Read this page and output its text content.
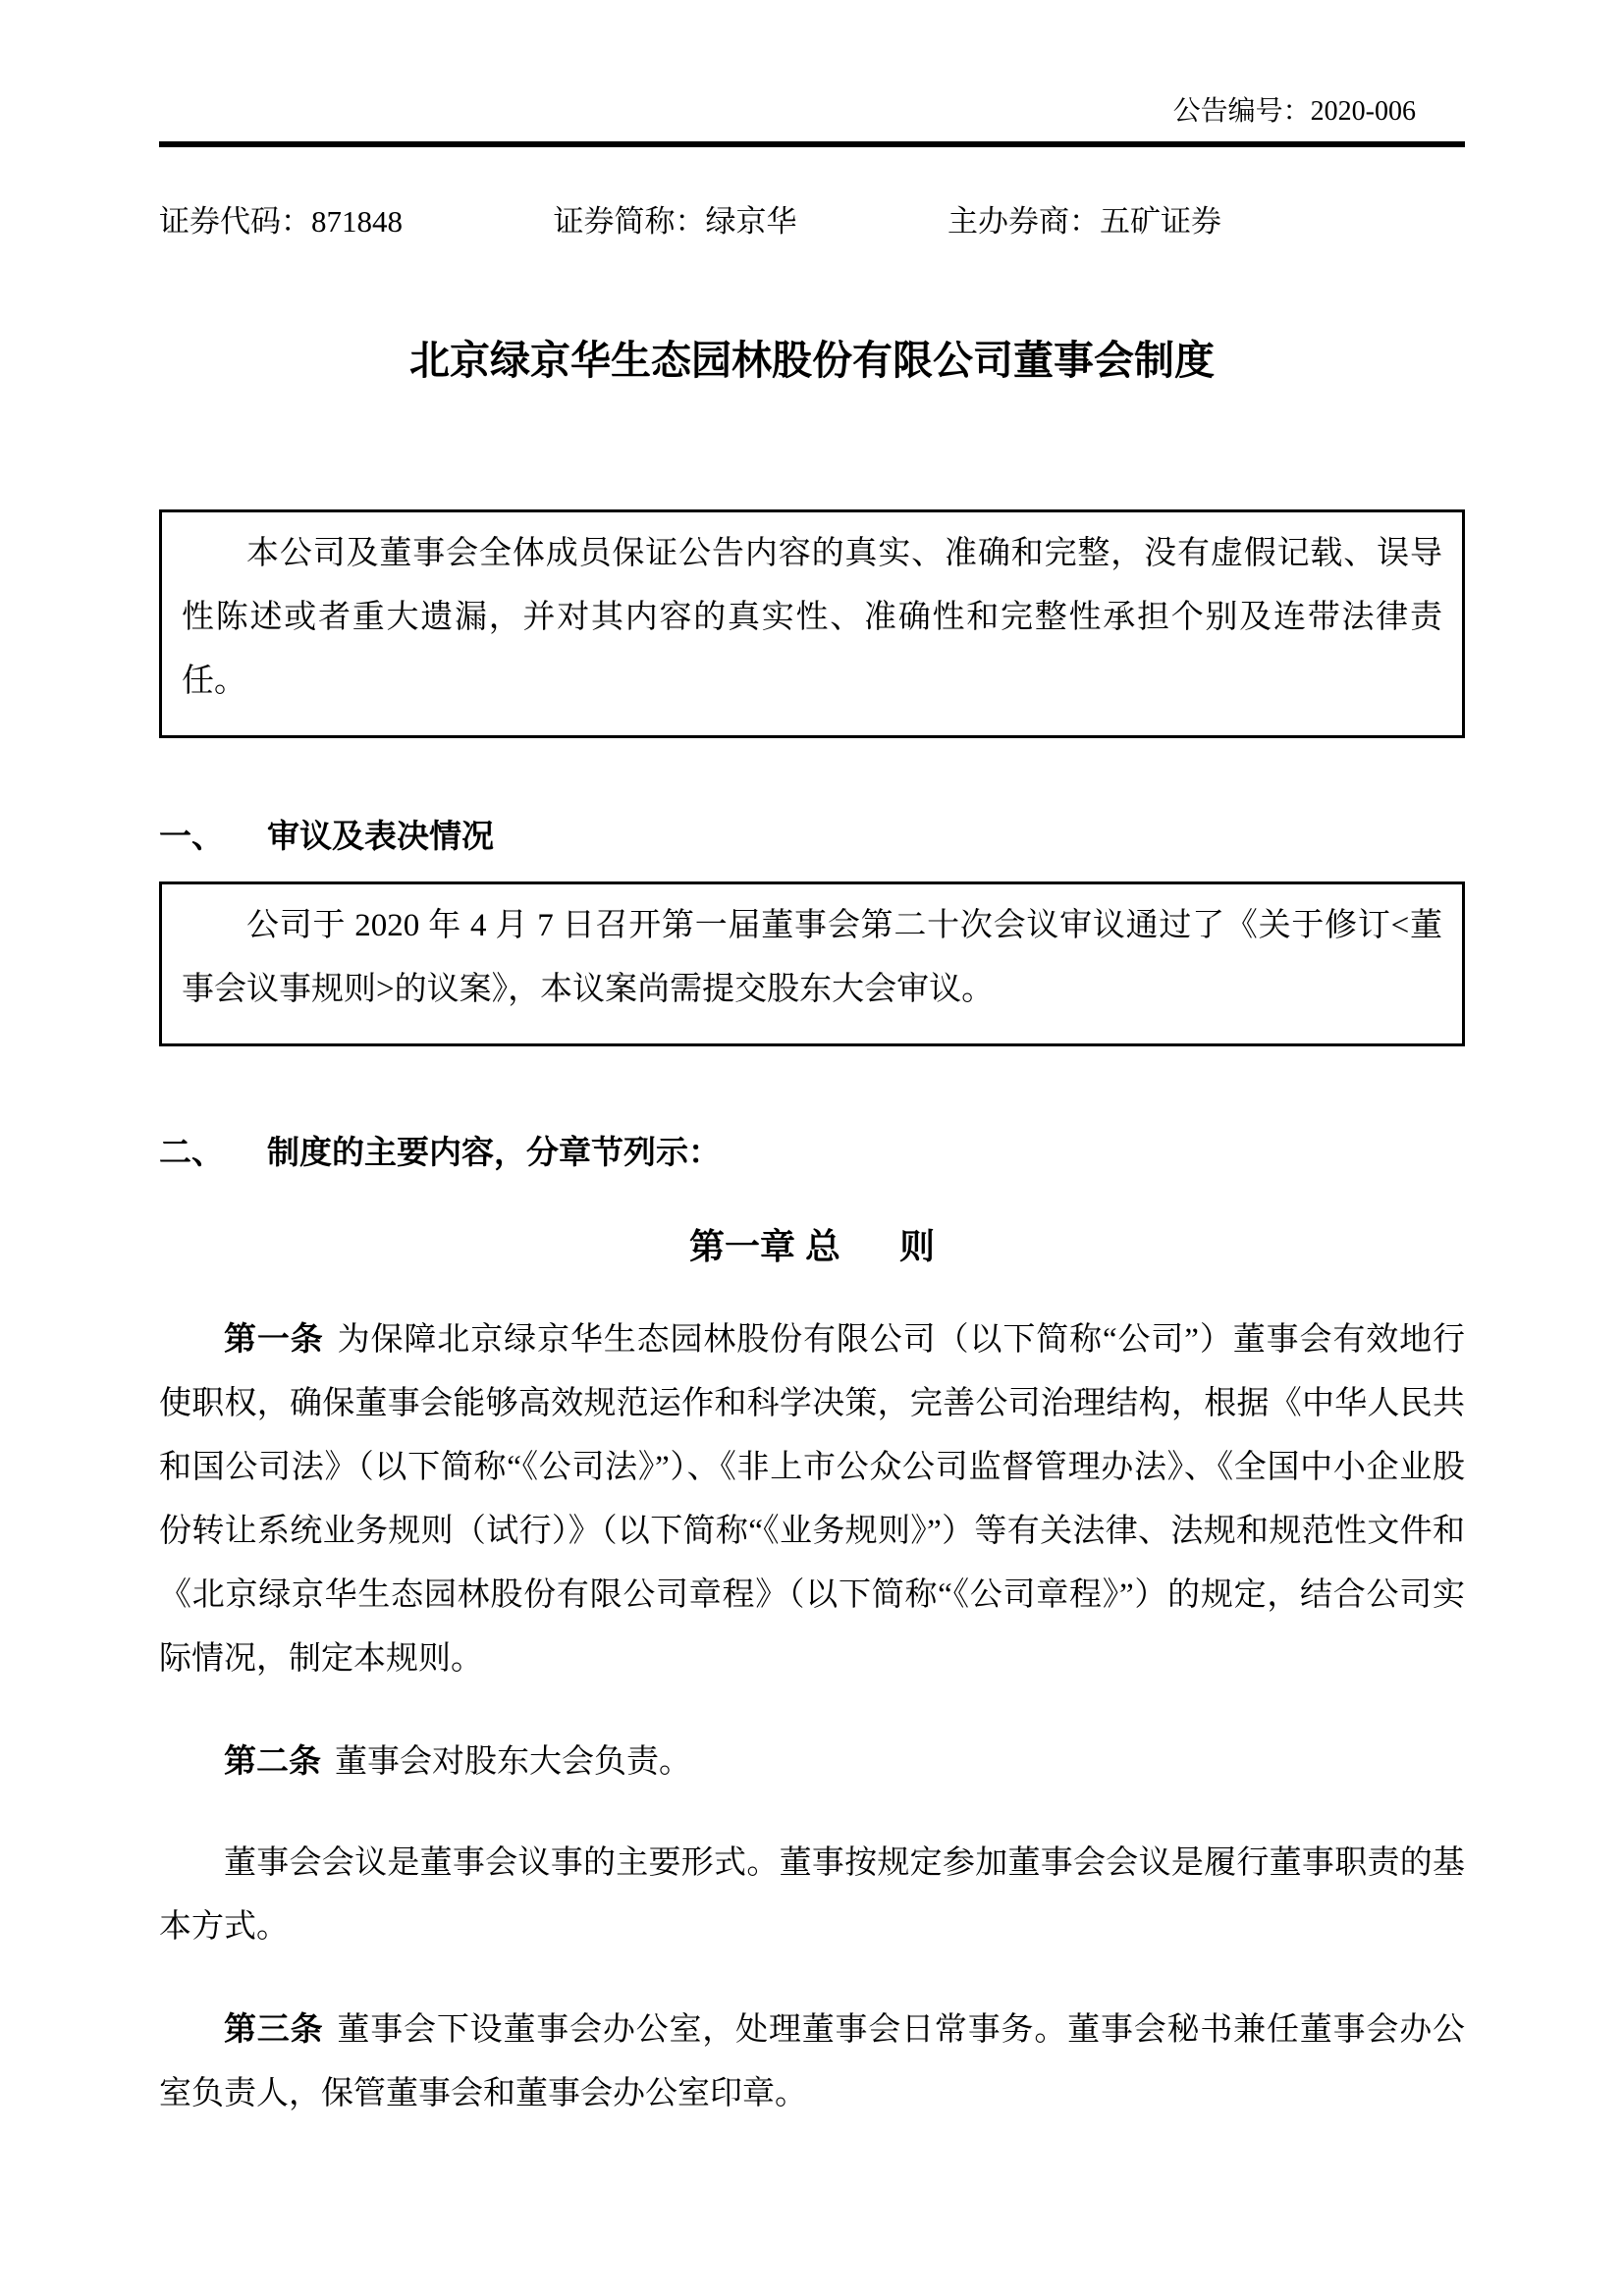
公告编号：2020-006
证券代码：871848	证券简称：绿京华	主办券商：五矿证券
北京绿京华生态园林股份有限公司董事会制度

本公司及董事会全体成员保证公告内容的真实、准确和完整，没有虚假记载、误导性陈述或者重大遗漏，并对其内容的真实性、准确性和完整性承担个别及连带法律责任。

一、 审议及表决情况

公司于 2020 年 4 月 7 日召开第一届董事会第二十次会议审议通过了《关于修订<董事会议事规则>的议案》，本议案尚需提交股东大会审议。

二、 制度的主要内容，分章节列示：
第一章 总      则

第一条 为保障北京绿京华生态园林股份有限公司（以下简称“公司”）董事会有效地行使职权，确保董事会能够高效规范运作和科学决策，完善公司治理结构，根据《中华人民共和国公司法》（以下简称“《公司法》”）、《非上市公众公司监督管理办法》、《全国中小企业股份转让系统业务规则（试行）》（以下简称“《业务规则》”）等有关法律、法规和规范性文件和《北京绿京华生态园林股份有限公司章程》（以下简称“《公司章程》”）的规定，结合公司实际情况，制定本规则。

第二条 董事会对股东大会负责。

董事会会议是董事会议事的主要形式。董事按规定参加董事会会议是履行董事职责的基本方式。

第三条 董事会下设董事会办公室，处理董事会日常事务。董事会秘书兼任董事会办公室负责人，保管董事会和董事会办公室印章。
